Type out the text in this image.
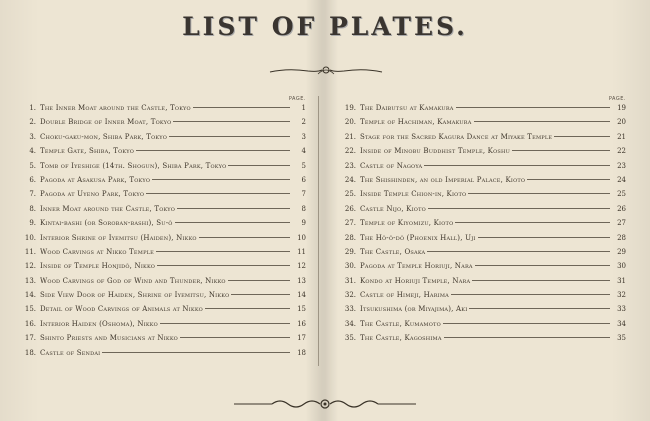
LIST OF PLATES.
PAGE.
1. The Inner Moat around the Castle, Tokyo	1
2. Double Bridge of Inner Moat, Tokyo	2
3. Choku-gaku-mon, Shiba Park, Tokyo	3
4. Temple Gate, Shiba, Tokyo	4
5. Tomb of Iyeshige (14th. Shogun), Shiba Park, Tokyo	5
6. Pagoda at Asakusa Park, Tokyo	6
7. Pagoda at Uyeno Park, Tokyo	7
8. Inner Moat around the Castle, Tokyo	8
9. Kintai-bashi (or Soroban-bashi), Su-ō	9
10. Interior Shrine of Iyemitsu (Haiden), Nikko	10
11. Wood Carvings at Nikko Temple	11
12. Inside of Temple Honjidō, Nikko	12
13. Wood Carvings of God of Wind and Thunder, Nikko	13
14. Side View Door of Haiden, Shrine of Iyemitsu, Nikko	14
15. Detail of Wood Carvings of Animals at Nikko	15
16. Interior Haiden (Oshoma), Nikko	16
17. Shinto Priests and Musicians at Nikko	17
18. Castle of Sendai	18
PAGE.
19. The Daibutsu at Kamakura	19
20. Temple of Hachiman, Kamakura	20
21. Stage for the Sacred Kagura Dance at Miyake Temple	21
22. Inside of Minobu Buddhist Temple, Koshu	22
23. Castle of Nagoya	23
24. The Shishinden, an old Imperial Palace, Kioto	24
25. Inside Temple Chion-in, Kioto	25
26. Castle Nijo, Kioto	26
27. Temple of Kiyomizu, Kioto	27
28. The Hō-ō-dō (Phoenix Hall), Uji	28
29. The Castle, Osaka	29
30. Pagoda at Temple Horiuji, Nara	30
31. Kondo at Horiuji Temple, Nara	31
32. Castle of Himeji, Harima	32
33. Itsukushima (or Miyajima), Aki	33
34. The Castle, Kumamoto	34
35. The Castle, Kagoshima	35
